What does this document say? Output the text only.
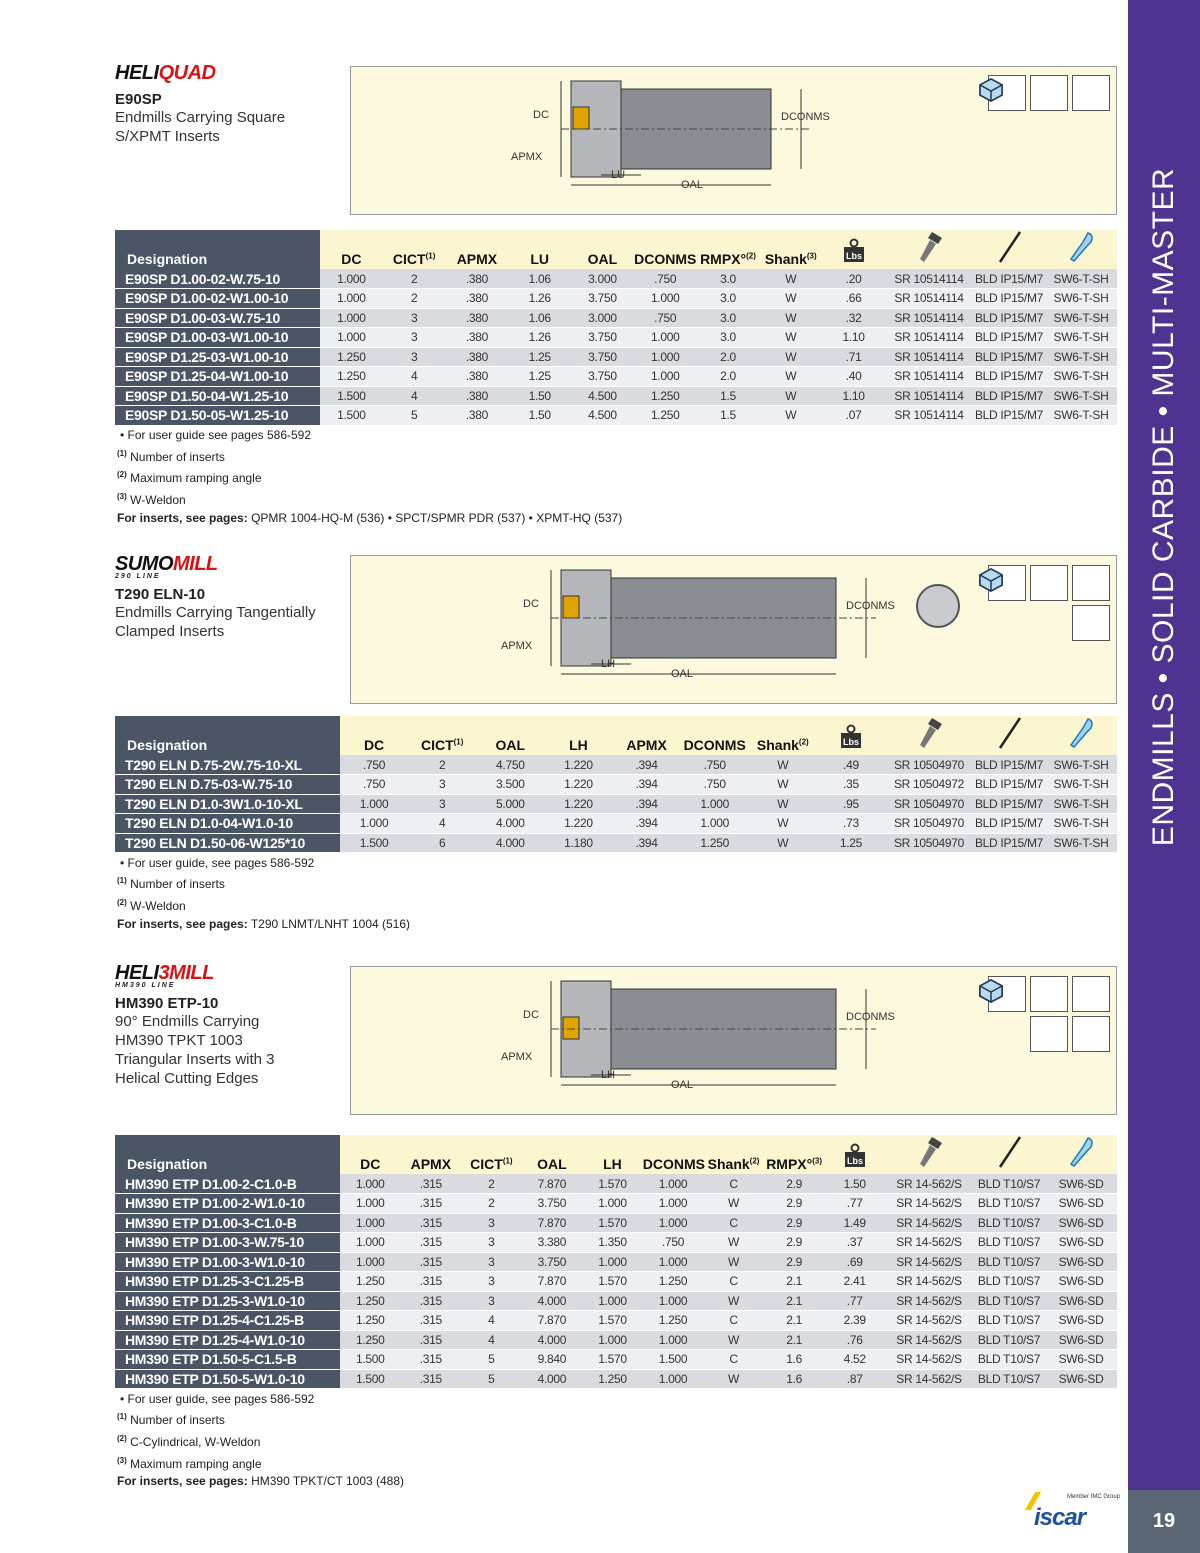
ENDMILLS • SOLID CARBIDE • MULTI-MASTER
19
Member IMC Group
iscar
HELIQUAD
E90SP
Endmills Carrying Square
S/XPMT Inserts
DC	DCONMS
APMX
LU
OAL
Designation	DC	CICT$^{(1)}$	APMX	LU	OAL	DCONMS	RMPX°$^{(2)}$	Shank$^{(3)}$	Lbs

E90SP D1.00-02-W.75-10	1.000	2	.380	1.06	3.000	.750	3.0	W	.20	SR 10514114	BLD IP15/M7	SW6-T-SH
E90SP D1.00-02-W1.00-10	1.000	2	.380	1.26	3.750	1.000	3.0	W	.66	SR 10514114	BLD IP15/M7	SW6-T-SH
E90SP D1.00-03-W.75-10	1.000	3	.380	1.06	3.000	.750	3.0	W	.32	SR 10514114	BLD IP15/M7	SW6-T-SH
E90SP D1.00-03-W1.00-10	1.000	3	.380	1.26	3.750	1.000	3.0	W	1.10	SR 10514114	BLD IP15/M7	SW6-T-SH
E90SP D1.25-03-W1.00-10	1.250	3	.380	1.25	3.750	1.000	2.0	W	.71	SR 10514114	BLD IP15/M7	SW6-T-SH
E90SP D1.25-04-W1.00-10	1.250	4	.380	1.25	3.750	1.000	2.0	W	.40	SR 10514114	BLD IP15/M7	SW6-T-SH
E90SP D1.50-04-W1.25-10	1.500	4	.380	1.50	4.500	1.250	1.5	W	1.10	SR 10514114	BLD IP15/M7	SW6-T-SH
E90SP D1.50-05-W1.25-10	1.500	5	.380	1.50	4.500	1.250	1.5	W	.07	SR 10514114	BLD IP15/M7	SW6-T-SH
• For user guide see pages 586-592
$^{(1)}$ Number of inserts
$^{(2)}$ Maximum ramping angle
$^{(3)}$ W-Weldon
For inserts, see pages: QPMR 1004-HQ-M (536) • SPCT/SPMR PDR (537) • XPMT-HQ (537)
SUMOMILL
290 LINE
T290 ELN-10
Endmills Carrying Tangentially
Clamped Inserts
DC	DCONMS
APMX
LH
OAL
Designation	DC	CICT$^{(1)}$	OAL	LH	APMX	DCONMS	Shank$^{(2)}$	Lbs

T290 ELN D.75-2W.75-10-XL	.750	2	4.750	1.220	.394	.750	W	.49	SR 10504970	BLD IP15/M7	SW6-T-SH
T290 ELN D.75-03-W.75-10	.750	3	3.500	1.220	.394	.750	W	.35	SR 10504972	BLD IP15/M7	SW6-T-SH
T290 ELN D1.0-3W1.0-10-XL	1.000	3	5.000	1.220	.394	1.000	W	.95	SR 10504970	BLD IP15/M7	SW6-T-SH
T290 ELN D1.0-04-W1.0-10	1.000	4	4.000	1.220	.394	1.000	W	.73	SR 10504970	BLD IP15/M7	SW6-T-SH
T290 ELN D1.50-06-W125*10	1.500	6	4.000	1.180	.394	1.250	W	1.25	SR 10504970	BLD IP15/M7	SW6-T-SH
• For user guide, see pages 586-592
$^{(1)}$ Number of inserts
$^{(2)}$ W-Weldon
For inserts, see pages: T290 LNMT/LNHT 1004 (516)
HELI3MILL
HM390 LINE
HM390 ETP-10
90° Endmills Carrying
HM390 TPKT 1003
Triangular Inserts with 3
Helical Cutting Edges
DC	DCONMS
APMX
LH
OAL
Designation	DC	APMX	CICT$^{(1)}$	OAL	LH	DCONMS	Shank$^{(2)}$	RMPX°$^{(3)}$	Lbs

HM390 ETP D1.00-2-C1.0-B	1.000	.315	2	7.870	1.570	1.000	C	2.9	1.50	SR 14-562/S	BLD T10/S7	SW6-SD
HM390 ETP D1.00-2-W1.0-10	1.000	.315	2	3.750	1.000	1.000	W	2.9	.77	SR 14-562/S	BLD T10/S7	SW6-SD
HM390 ETP D1.00-3-C1.0-B	1.000	.315	3	7.870	1.570	1.000	C	2.9	1.49	SR 14-562/S	BLD T10/S7	SW6-SD
HM390 ETP D1.00-3-W.75-10	1.000	.315	3	3.380	1.350	.750	W	2.9	.37	SR 14-562/S	BLD T10/S7	SW6-SD
HM390 ETP D1.00-3-W1.0-10	1.000	.315	3	3.750	1.000	1.000	W	2.9	.69	SR 14-562/S	BLD T10/S7	SW6-SD
HM390 ETP D1.25-3-C1.25-B	1.250	.315	3	7.870	1.570	1.250	C	2.1	2.41	SR 14-562/S	BLD T10/S7	SW6-SD
HM390 ETP D1.25-3-W1.0-10	1.250	.315	3	4.000	1.000	1.000	W	2.1	.77	SR 14-562/S	BLD T10/S7	SW6-SD
HM390 ETP D1.25-4-C1.25-B	1.250	.315	4	7.870	1.570	1.250	C	2.1	2.39	SR 14-562/S	BLD T10/S7	SW6-SD
HM390 ETP D1.25-4-W1.0-10	1.250	.315	4	4.000	1.000	1.000	W	2.1	.76	SR 14-562/S	BLD T10/S7	SW6-SD
HM390 ETP D1.50-5-C1.5-B	1.500	.315	5	9.840	1.570	1.500	C	1.6	4.52	SR 14-562/S	BLD T10/S7	SW6-SD
HM390 ETP D1.50-5-W1.0-10	1.500	.315	5	4.000	1.250	1.000	W	1.6	.87	SR 14-562/S	BLD T10/S7	SW6-SD
• For user guide, see pages 586-592
$^{(1)}$ Number of inserts
$^{(2)}$ C-Cylindrical, W-Weldon
$^{(3)}$ Maximum ramping angle
For inserts, see pages: HM390 TPKT/CT 1003 (488)
